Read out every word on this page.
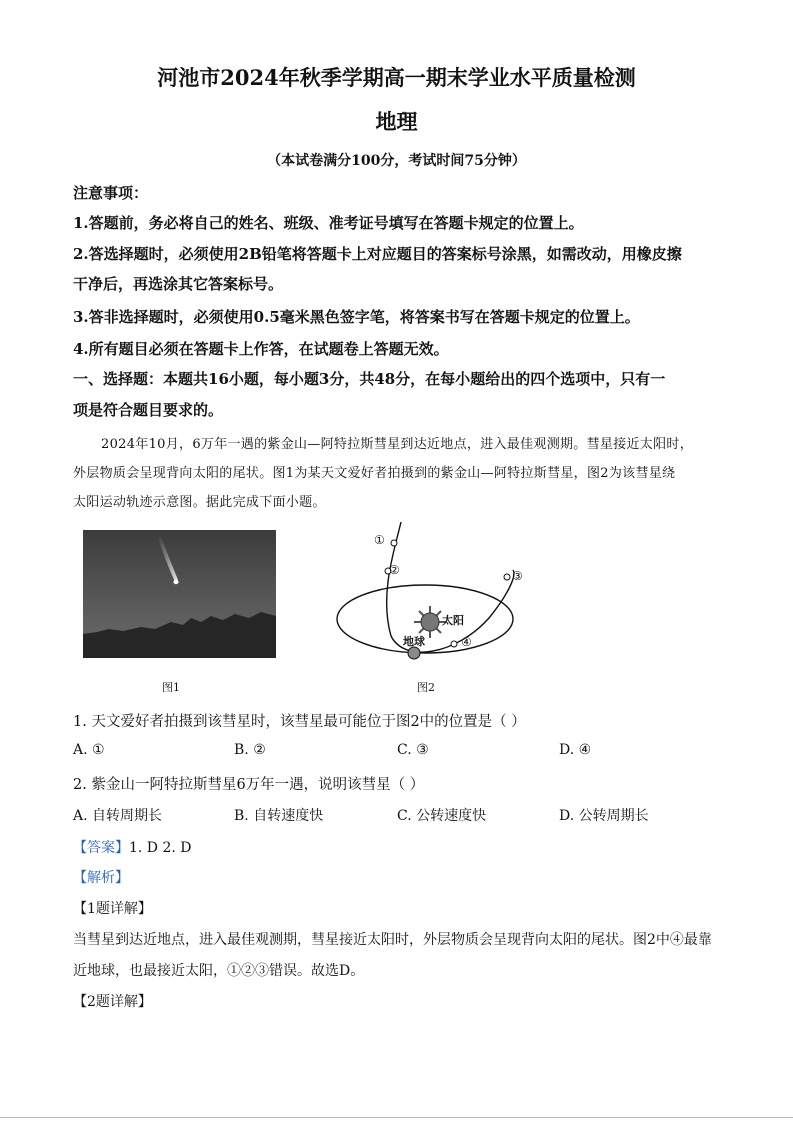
河池市2024年秋季学期高一期末学业水平质量检测
地理
（本试卷满分100分，考试时间75分钟）
注意事项：
1.答题前，务必将自己的姓名、班级、准考证号填写在答题卡规定的位置上。
2.答选择题时，必须使用2B铅笔将答题卡上对应题目的答案标号涂黑，如需改动，用橡皮擦
干净后，再选涂其它答案标号。
3.答非选择题时，必须使用0.5毫米黑色签字笔，将答案书写在答题卡规定的位置上。
4.所有题目必须在答题卡上作答，在试题卷上答题无效。
一、选择题：本题共16小题，每小题3分，共48分，在每小题给出的四个选项中，只有一
项是符合题目要求的。
2024年10月，6万年一遇的紫金山—阿特拉斯彗星到达近地点，进入最佳观测期。彗星接近太阳时，
外层物质会呈现背向太阳的尾状。图1为某天文爱好者拍摄到的紫金山—阿特拉斯彗星，图2为该彗星绕
太阳运动轨迹示意图。据此完成下面小题。
图1
①
②	③
④
太阳
地球
图2
1. 天文爱好者拍摄到该彗星时，该彗星最可能位于图2中的位置是（ ）
A. ①	B. ②	C. ③	D. ④
2. 紫金山一阿特拉斯彗星6万年一遇，说明该彗星（ ）
A. 自转周期长	B. 自转速度快	C. 公转速度快	D. 公转周期长
【答案】1. D 2. D
【解析】
【1题详解】
当彗星到达近地点，进入最佳观测期，彗星接近太阳时，外层物质会呈现背向太阳的尾状。图2中④最靠
近地球，也最接近太阳，①②③错误。故选D。
【2题详解】
